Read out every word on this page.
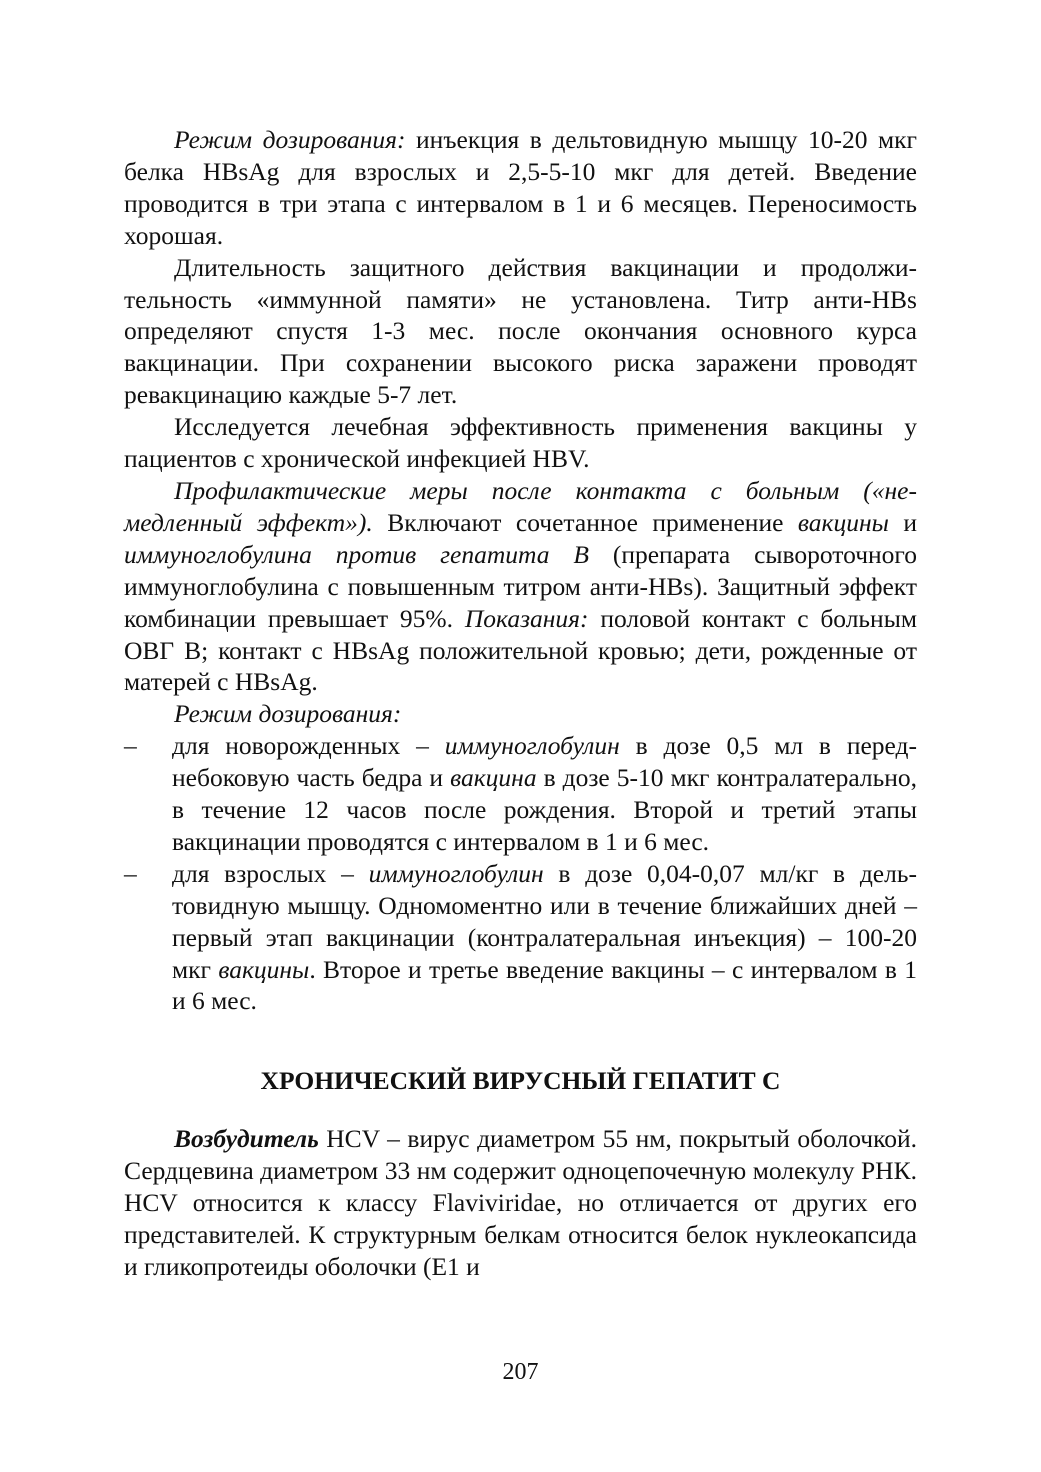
Режим дозирования: инъекция в дельтовидную мышцу 10-20 мкг белка HBsAg для взрослых и 2,5-5-10 мкг для детей. Введение проводится в три этапа с интервалом в 1 и 6 месяцев. Переносимость хорошая.

Длительность защитного действия вакцинации и продолжительность «иммунной памяти» не установлена. Титр анти-HBs определяют спустя 1-3 мес. после окончания основного курса вакцинации. При сохранении высокого риска заражени проводят ревакцинацию каждые 5-7 лет.

Исследуется лечебная эффективность применения вакцины у пациентов с хронической инфекцией HBV.

Профилактические меры после контакта с больным («немедленный эффект»). Включают сочетанное применение вакцины и иммуноглобулина против гепатита В (препарата сывороточного иммуноглобулина с повышенным титром анти-HBs). Защитный эффект комбинации превышает 95%. Показания: половой контакт с больным ОВГ В; контакт с HBsAg положительной кровью; дети, рожденные от матерей с HBsAg.

Режим дозирования:

– для новорожденных – иммуноглобулин в дозе 0,5 мл в переднебоковую часть бедра и вакцина в дозе 5-10 мкг контралатерально, в течение 12 часов после рождения. Второй и третий этапы вакцинации проводятся с интервалом в 1 и 6 мес.
– для взрослых – иммуноглобулин в дозе 0,04-0,07 мл/кг в дельтовидную мышцу. Одномоментно или в течение ближайших дней – первый этап вакцинации (контралатеральная инъекция) – 100-20 мкг вакцины. Второе и третье введение вакцины – с интервалом в 1 и 6 мес.
ХРОНИЧЕСКИЙ ВИРУСНЫЙ ГЕПАТИТ С

Возбудитель HCV – вирус диаметром 55 нм, покрытый оболочкой. Сердцевина диаметром 33 нм содержит одноцепочечную молекулу РНК. HCV относится к классу Flaviviridae, но отличается от других его представителей. К структурным белкам относится белок нуклеокапсида и гликопротеиды оболочки (Е1 и

207
